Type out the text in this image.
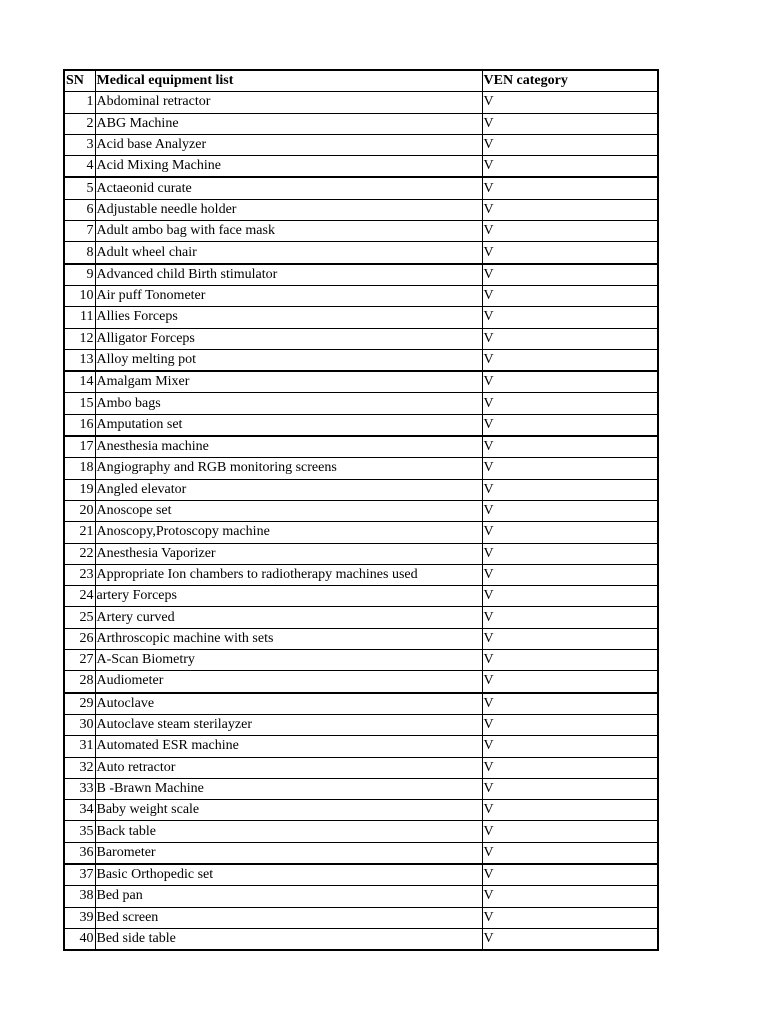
SN	Medical equipment list	VEN category
1	Abdominal retractor	V
2	ABG Machine	V
3	Acid base Analyzer	V
4	Acid Mixing Machine	V
5	Actaeonid curate	V
6	Adjustable needle holder	V
7	Adult ambo bag with face mask	V
8	Adult wheel chair	V
9	Advanced child Birth stimulator	V
10	Air puff Tonometer	V
11	Allies Forceps	V
12	Alligator Forceps	V
13	Alloy melting pot	V
14	Amalgam Mixer	V
15	Ambo bags	V
16	Amputation set	V
17	Anesthesia machine	V
18	Angiography and RGB monitoring screens	V
19	Angled elevator	V
20	Anoscope set	V
21	Anoscopy,Protoscopy machine	V
22	Anesthesia Vaporizer	V
23	Appropriate Ion chambers to radiotherapy machines used	V
24	artery Forceps	V
25	Artery curved	V
26	Arthroscopic machine with sets	V
27	A-Scan Biometry	V
28	Audiometer	V
29	Autoclave	V
30	Autoclave steam sterilayzer	V
31	Automated ESR machine	V
32	Auto retractor	V
33	B -Brawn Machine	V
34	Baby weight scale	V
35	Back table	V
36	Barometer	V
37	Basic Orthopedic set	V
38	Bed pan	V
39	Bed screen	V
40	Bed side table	V
